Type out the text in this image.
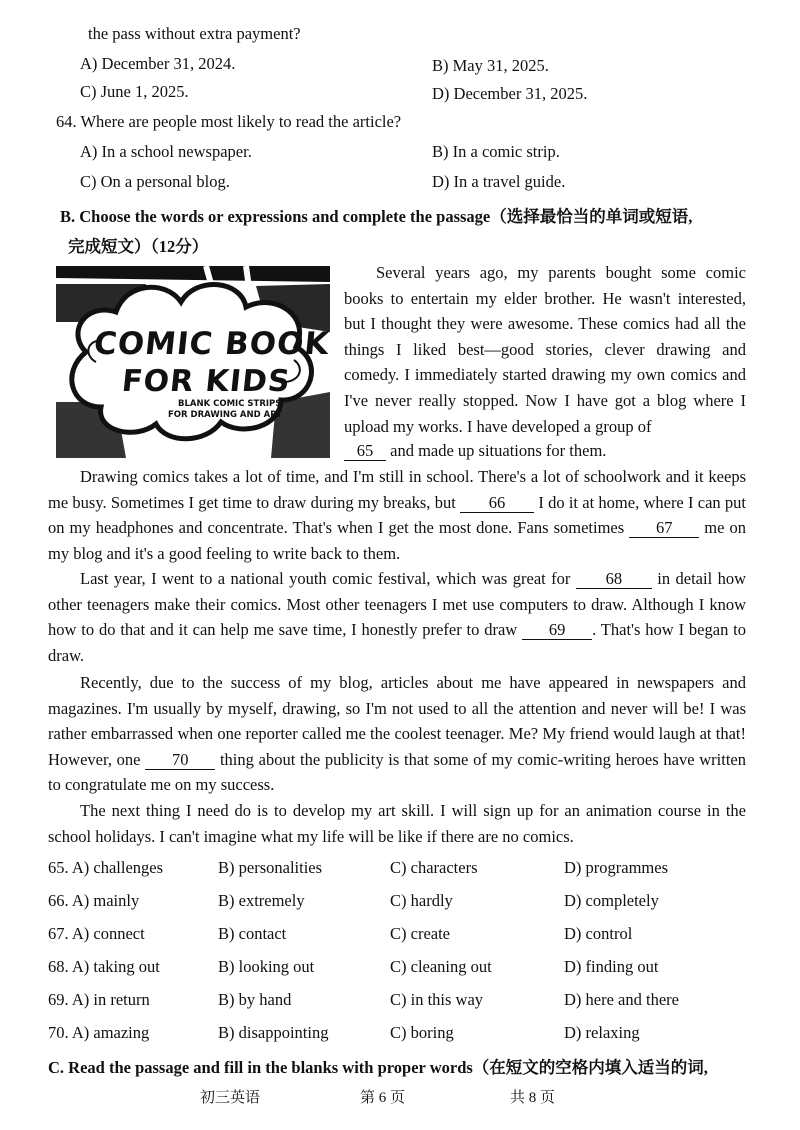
the pass without extra payment?
A) December 31, 2024.	B) May 31, 2025.
C) June 1, 2025.	D) December 31, 2025.
64. Where are people most likely to read the article?
A) In a school newspaper.	B) In a comic strip.
C) On a personal blog.	D) In a travel guide.
B. Choose the words or expressions and complete the passage（选择最恰当的单词或短语,
完成短文）（12分）
COMIC BOOK
FOR KIDS
BLANK COMIC STRIPS
FOR DRAWING AND ART

Several years ago, my parents bought some comic books to entertain my elder brother. He wasn't interested, but I thought they were awesome. These comics had all the things I liked best—good stories, clever drawing and comedy. I immediately started drawing my own comics and I've never really stopped. Now I have got a blog where I upload my works. I have developed a group of

65 and made up situations for them.

Drawing comics takes a lot of time, and I'm still in school. There's a lot of schoolwork and it keeps me busy. Sometimes I get time to draw during my breaks, but 66 I do it at home, where I can put on my headphones and concentrate. That's when I get the most done. Fans sometimes 67 me on my blog and it's a good feeling to write back to them.

Last year, I went to a national youth comic festival, which was great for 68 in detail how other teenagers make their comics. Most other teenagers I met use computers to draw. Although I know how to do that and it can help me save time, I honestly prefer to draw 69 . That's how I began to draw.

Recently, due to the success of my blog, articles about me have appeared in newspapers and magazines. I'm usually by myself, drawing, so I'm not used to all the attention and never will be! I was rather embarrassed when one reporter called me the coolest teenager. Me? My friend would laugh at that! However, one 70 thing about the publicity is that some of my comic-writing heroes have written to congratulate me on my success.

The next thing I need do is to develop my art skill. I will sign up for an animation course in the school holidays. I can't imagine what my life will be like if there are no comics.

65. A) challenges	B) personalities	C) characters	D) programmes
66. A) mainly	B) extremely	C) hardly	D) completely
67. A) connect	B) contact	C) create	D) control
68. A) taking out	B) looking out	C) cleaning out	D) finding out
69. A) in return	B) by hand	C) in this way	D) here and there
70. A) amazing	B) disappointing	C) boring	D) relaxing
C. Read the passage and fill in the blanks with proper words（在短文的空格内填入适当的词,
初三英语	第 6 页	共 8 页
